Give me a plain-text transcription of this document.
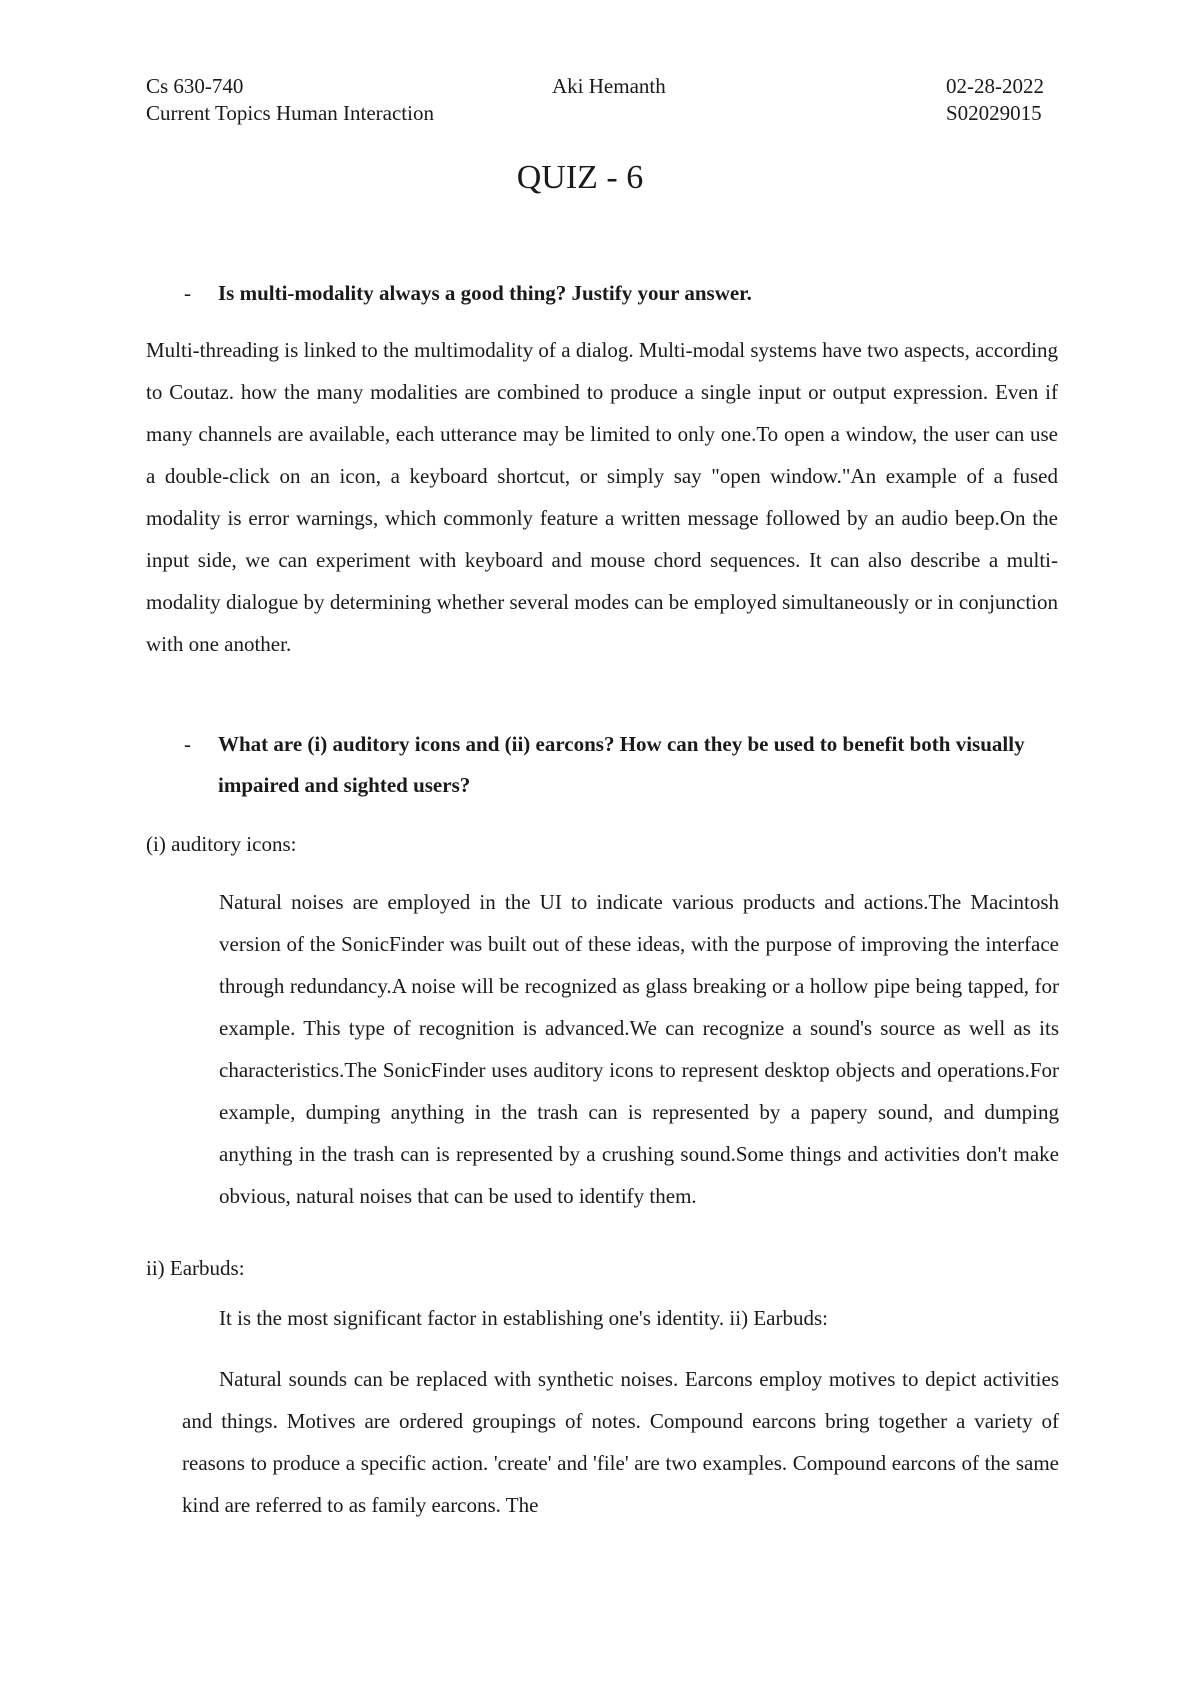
Cs 630-740
Current Topics Human Interaction
Aki Hemanth	02-28-2022
S02029015
QUIZ - 6
-	Is multi-modality always a good thing? Justify your answer.
Multi-threading is linked to the multimodality of a dialog. Multi-modal systems have two aspects, according to Coutaz. how the many modalities are combined to produce a single input or output expression. Even if many channels are available, each utterance may be limited to only one.To open a window, the user can use a double-click on an icon, a keyboard shortcut, or simply say "open window."An example of a fused modality is error warnings, which commonly feature a written message followed by an audio beep.On the input side, we can experiment with keyboard and mouse chord sequences. It can also describe a multi-modality dialogue by determining whether several modes can be employed simultaneously or in conjunction with one another.
-	What are (i) auditory icons and (ii) earcons? How can they be used to benefit both visually impaired and sighted users?
(i) auditory icons:
Natural noises are employed in the UI to indicate various products and actions.The Macintosh version of the SonicFinder was built out of these ideas, with the purpose of improving the interface through redundancy.A noise will be recognized as glass breaking or a hollow pipe being tapped, for example. This type of recognition is advanced.We can recognize a sound's source as well as its characteristics.The SonicFinder uses auditory icons to represent desktop objects and operations.For example, dumping anything in the trash can is represented by a papery sound, and dumping anything in the trash can is represented by a crushing sound.Some things and activities don't make obvious, natural noises that can be used to identify them.
ii) Earbuds:
It is the most significant factor in establishing one's identity. ii) Earbuds:
Natural sounds can be replaced with synthetic noises. Earcons employ motives to depict activities and things. Motives are ordered groupings of notes. Compound earcons bring together a variety of reasons to produce a specific action. 'create' and 'file' are two examples. Compound earcons of the same kind are referred to as family earcons. The
